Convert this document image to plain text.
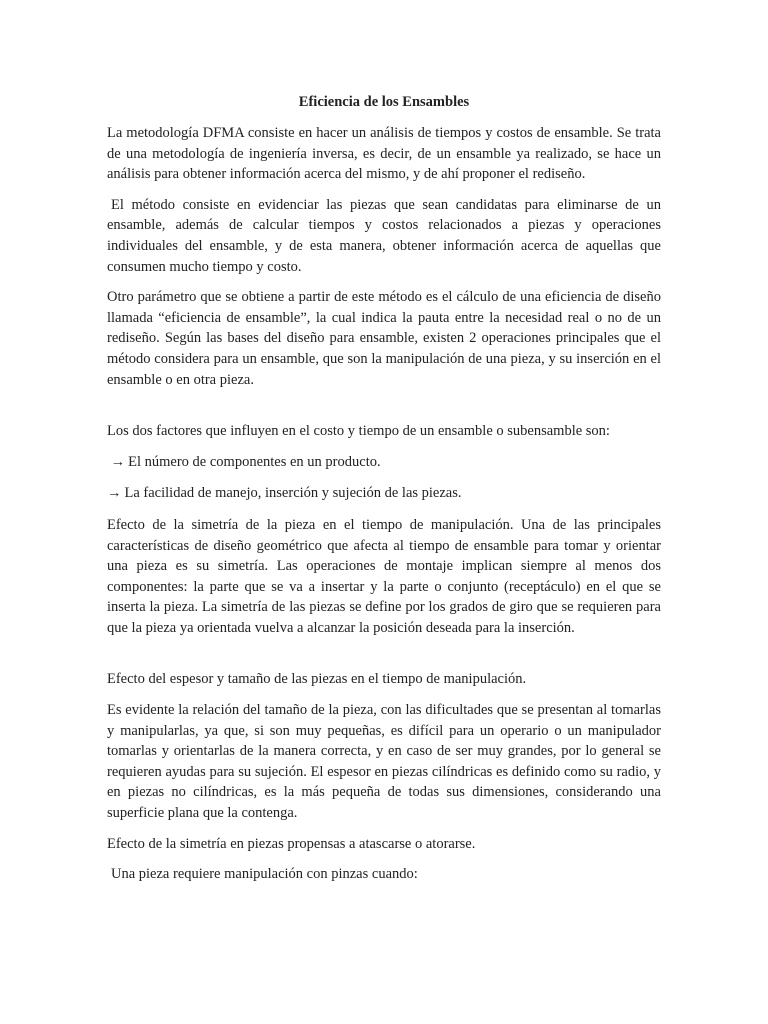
Eficiencia de los Ensambles

La metodología DFMA consiste en hacer un análisis de tiempos y costos de ensamble. Se trata de una metodología de ingeniería inversa, es decir, de un ensamble ya realizado, se hace un análisis para obtener información acerca del mismo, y de ahí proponer el rediseño.

El método consiste en evidenciar las piezas que sean candidatas para eliminarse de un ensamble, además de calcular tiempos y costos relacionados a piezas y operaciones individuales del ensamble, y de esta manera, obtener información acerca de aquellas que consumen mucho tiempo y costo.

Otro parámetro que se obtiene a partir de este método es el cálculo de una eficiencia de diseño llamada “eficiencia de ensamble”, la cual indica la pauta entre la necesidad real o no de un rediseño. Según las bases del diseño para ensamble, existen 2 operaciones principales que el método considera para un ensamble, que son la manipulación de una pieza, y su inserción en el ensamble o en otra pieza.

Los dos factores que influyen en el costo y tiempo de un ensamble o subensamble son:

→ El número de componentes en un producto.
→ La facilidad de manejo, inserción y sujeción de las piezas.

Efecto de la simetría de la pieza en el tiempo de manipulación. Una de las principales características de diseño geométrico que afecta al tiempo de ensamble para tomar y orientar una pieza es su simetría. Las operaciones de montaje implican siempre al menos dos componentes: la parte que se va a insertar y la parte o conjunto (receptáculo) en el que se inserta la pieza. La simetría de las piezas se define por los grados de giro que se requieren para que la pieza ya orientada vuelva a alcanzar la posición deseada para la inserción.

Efecto del espesor y tamaño de las piezas en el tiempo de manipulación.

Es evidente la relación del tamaño de la pieza, con las dificultades que se presentan al tomarlas y manipularlas, ya que, si son muy pequeñas, es difícil para un operario o un manipulador tomarlas y orientarlas de la manera correcta, y en caso de ser muy grandes, por lo general se requieren ayudas para su sujeción. El espesor en piezas cilíndricas es definido como su radio, y en piezas no cilíndricas, es la más pequeña de todas sus dimensiones, considerando una superficie plana que la contenga.

Efecto de la simetría en piezas propensas a atascarse o atorarse.

Una pieza requiere manipulación con pinzas cuando:
